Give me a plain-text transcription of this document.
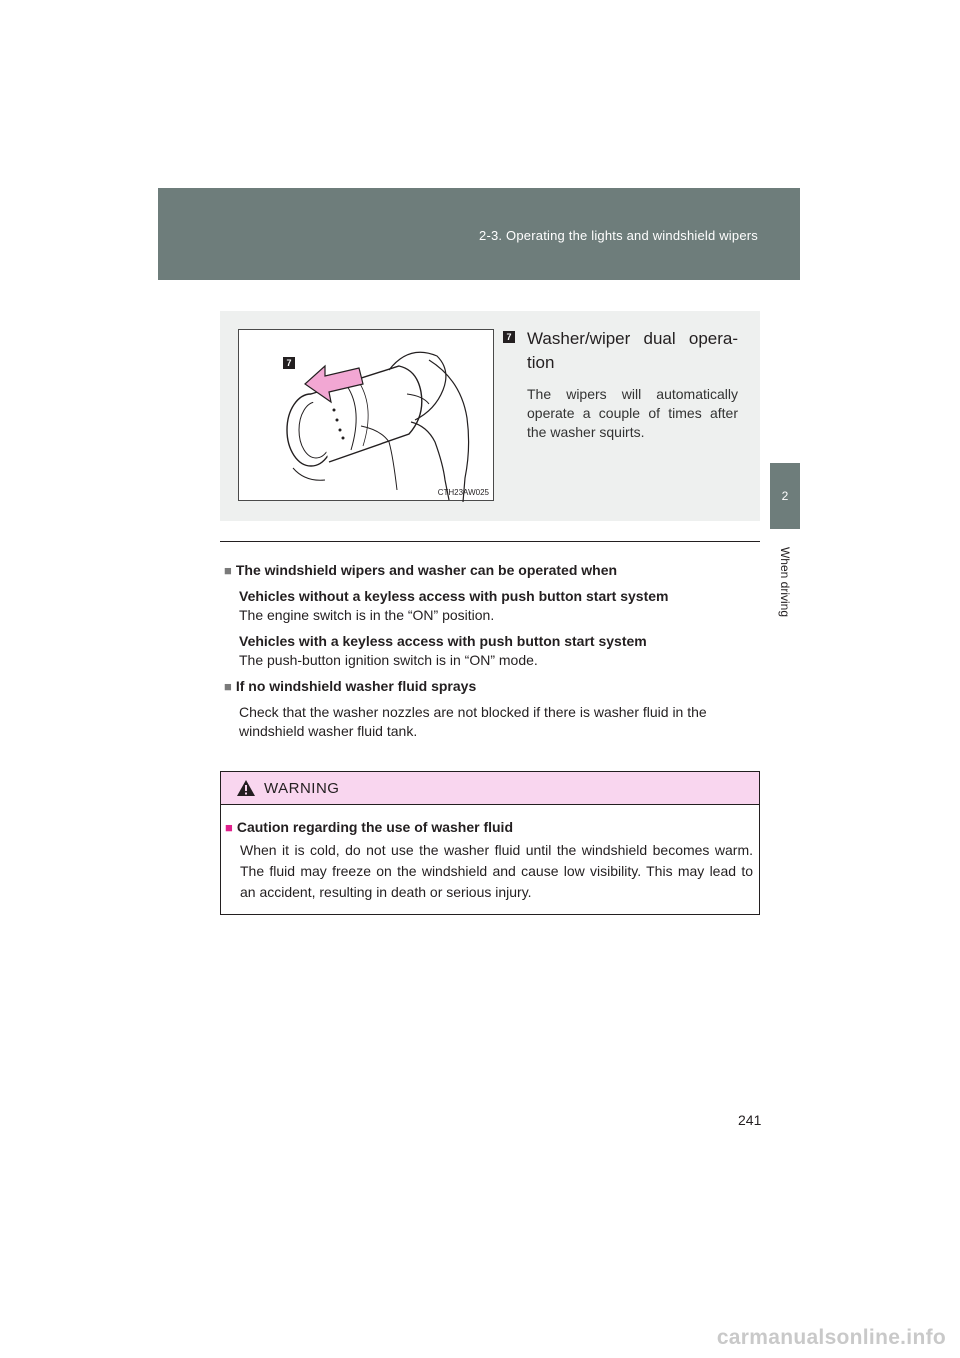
2-3. Operating the lights and windshield wipers
2
When driving
7
CTH23AW025
7 Washer/wiper dual opera-tion

The wipers will automatically operate a couple of times after the washer squirts.

■ The windshield wipers and washer can be operated when

Vehicles without a keyless access with push button start system

The engine switch is in the “ON” position.

Vehicles with a keyless access with push button start system

The push-button ignition switch is in “ON” mode.

■ If no windshield washer fluid sprays

Check that the washer nozzles are not blocked if there is washer fluid in the windshield washer fluid tank.

WARNING

■ Caution regarding the use of washer fluid

When it is cold, do not use the washer fluid until the windshield becomes warm. The fluid may freeze on the windshield and cause low visibility. This may lead to an accident, resulting in death or serious injury.

241
carmanualsonline.info
